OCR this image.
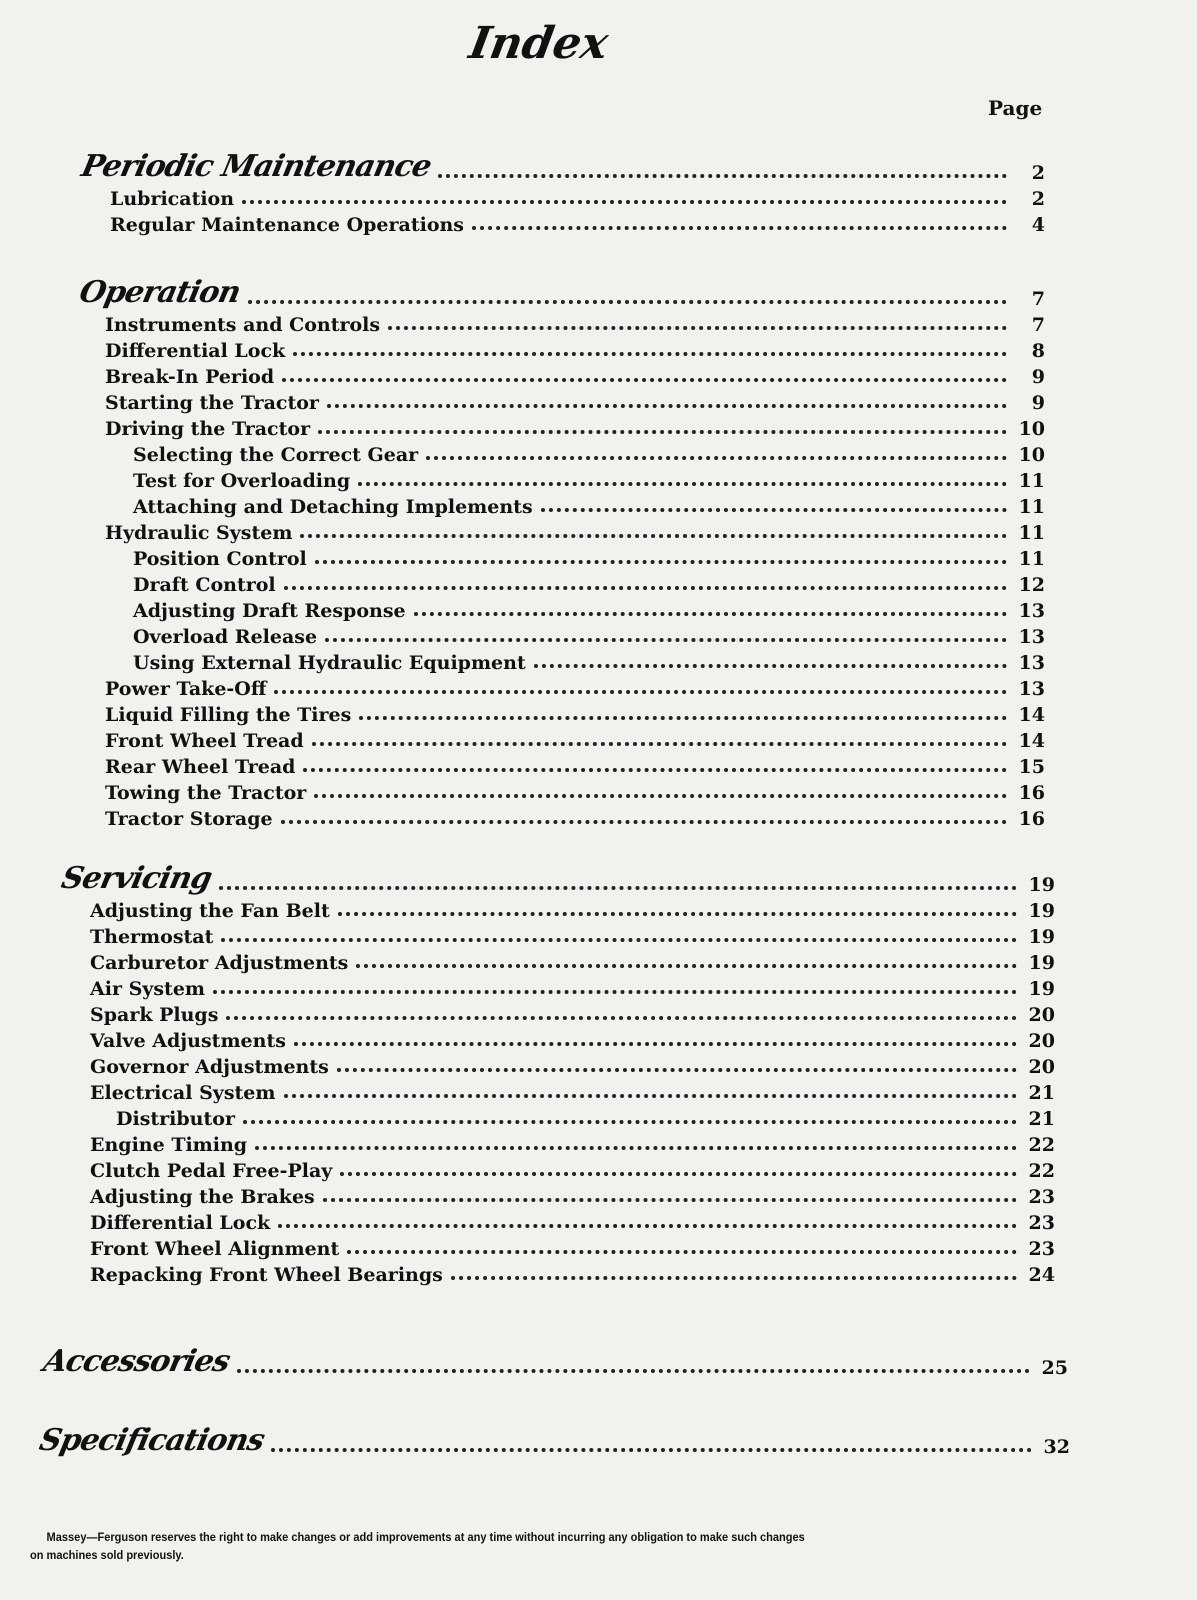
Index
Page
Periodic Maintenance	2
Lubrication	2
Regular Maintenance Operations	4
Operation	7
Instruments and Controls	7
Differential Lock	8
Break-In Period	9
Starting the Tractor	9
Driving the Tractor	10
Selecting the Correct Gear	10
Test for Overloading	11
Attaching and Detaching Implements	11
Hydraulic System	11
Position Control	11
Draft Control	12
Adjusting Draft Response	13
Overload Release	13
Using External Hydraulic Equipment	13
Power Take-Off	13
Liquid Filling the Tires	14
Front Wheel Tread	14
Rear Wheel Tread	15
Towing the Tractor	16
Tractor Storage	16
Servicing	19
Adjusting the Fan Belt	19
Thermostat	19
Carburetor Adjustments	19
Air System	19
Spark Plugs	20
Valve Adjustments	20
Governor Adjustments	20
Electrical System	21
Distributor	21
Engine Timing	22
Clutch Pedal Free-Play	22
Adjusting the Brakes	23
Differential Lock	23
Front Wheel Alignment	23
Repacking Front Wheel Bearings	24
Accessories	25
Specifications	32
Massey—Ferguson reserves the right to make changes or add improvements at any time without incurring any obligation to make such changes
on machines sold previously.
